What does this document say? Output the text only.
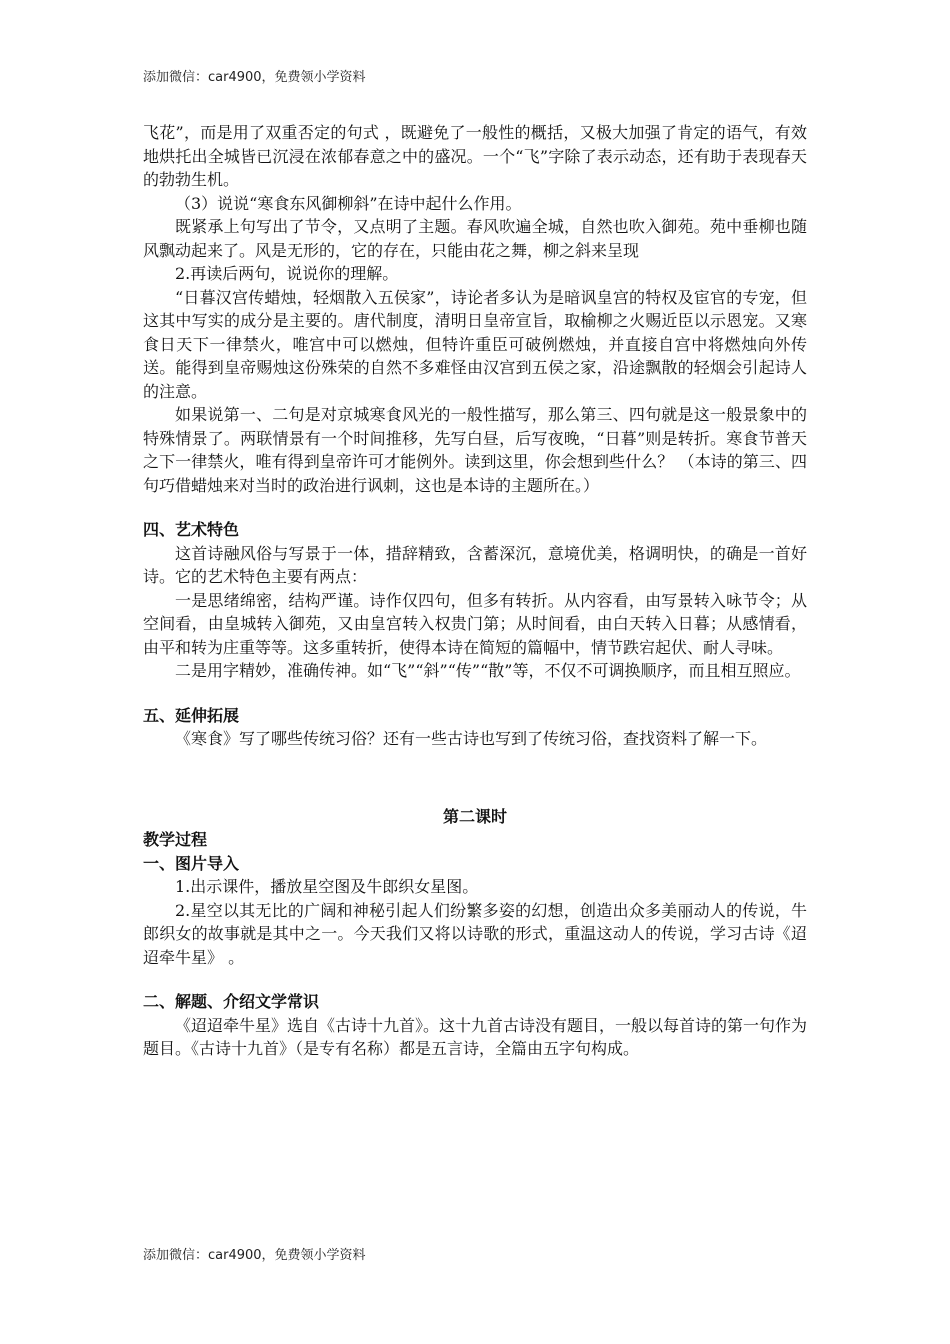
添加微信：car4900，免费领小学资料

飞花”，而是用了双重否定的句式 ，既避免了一般性的概括，又极大加强了肯定的语气，有效地烘托出全城皆已沉浸在浓郁春意之中的盛况。一个“飞”字除了表示动态，还有助于表现春天的勃勃生机。

（3）说说“寒食东风御柳斜”在诗中起什么作用。

既紧承上句写出了节令，又点明了主题。春风吹遍全城，自然也吹入御苑。苑中垂柳也随风飘动起来了。风是无形的，它的存在，只能由花之舞，柳之斜来呈现

2.再读后两句，说说你的理解。

“日暮汉宫传蜡烛，轻烟散入五侯家”，诗论者多认为是暗讽皇宫的特权及宦官的专宠，但这其中写实的成分是主要的。唐代制度，清明日皇帝宣旨，取榆柳之火赐近臣以示恩宠。又寒食日天下一律禁火，唯宫中可以燃烛，但特许重臣可破例燃烛，并直接自宫中将燃烛向外传送。能得到皇帝赐烛这份殊荣的自然不多难怪由汉宫到五侯之家，沿途飘散的轻烟会引起诗人的注意。

如果说第一、二句是对京城寒食风光的一般性描写，那么第三、四句就是这一般景象中的特殊情景了。两联情景有一个时间推移，先写白昼，后写夜晚，“日暮”则是转折。寒食节普天之下一律禁火，唯有得到皇帝许可才能例外。读到这里，你会想到些什么？ （本诗的第三、四句巧借蜡烛来对当时的政治进行讽刺，这也是本诗的主题所在。）

四、艺术特色

这首诗融风俗与写景于一体，措辞精致，含蓄深沉，意境优美，格调明快，的确是一首好诗。它的艺术特色主要有两点：

一是思绪绵密，结构严谨。诗作仅四句，但多有转折。从内容看，由写景转入咏节令；从空间看，由皇城转入御苑，又由皇宫转入权贵门第；从时间看，由白天转入日暮；从感情看，由平和转为庄重等等。这多重转折，使得本诗在简短的篇幅中，情节跌宕起伏、耐人寻味。

二是用字精妙，准确传神。如“飞”“斜”“传”“散”等，不仅不可调换顺序，而且相互照应。

五、延伸拓展

《寒食》写了哪些传统习俗？还有一些古诗也写到了传统习俗，查找资料了解一下。

第二课时

教学过程

一、图片导入

1.出示课件，播放星空图及牛郎织女星图。

2.星空以其无比的广阔和神秘引起人们纷繁多姿的幻想，创造出众多美丽动人的传说，牛郎织女的故事就是其中之一。今天我们又将以诗歌的形式，重温这动人的传说，学习古诗《迢迢牵牛星》 。

二、解题、介绍文学常识

《迢迢牵牛星》选自《古诗十九首》。这十九首古诗没有题目，一般以每首诗的第一句作为题目。《古诗十九首》（是专有名称）都是五言诗，全篇由五字句构成。

添加微信：car4900，免费领小学资料
